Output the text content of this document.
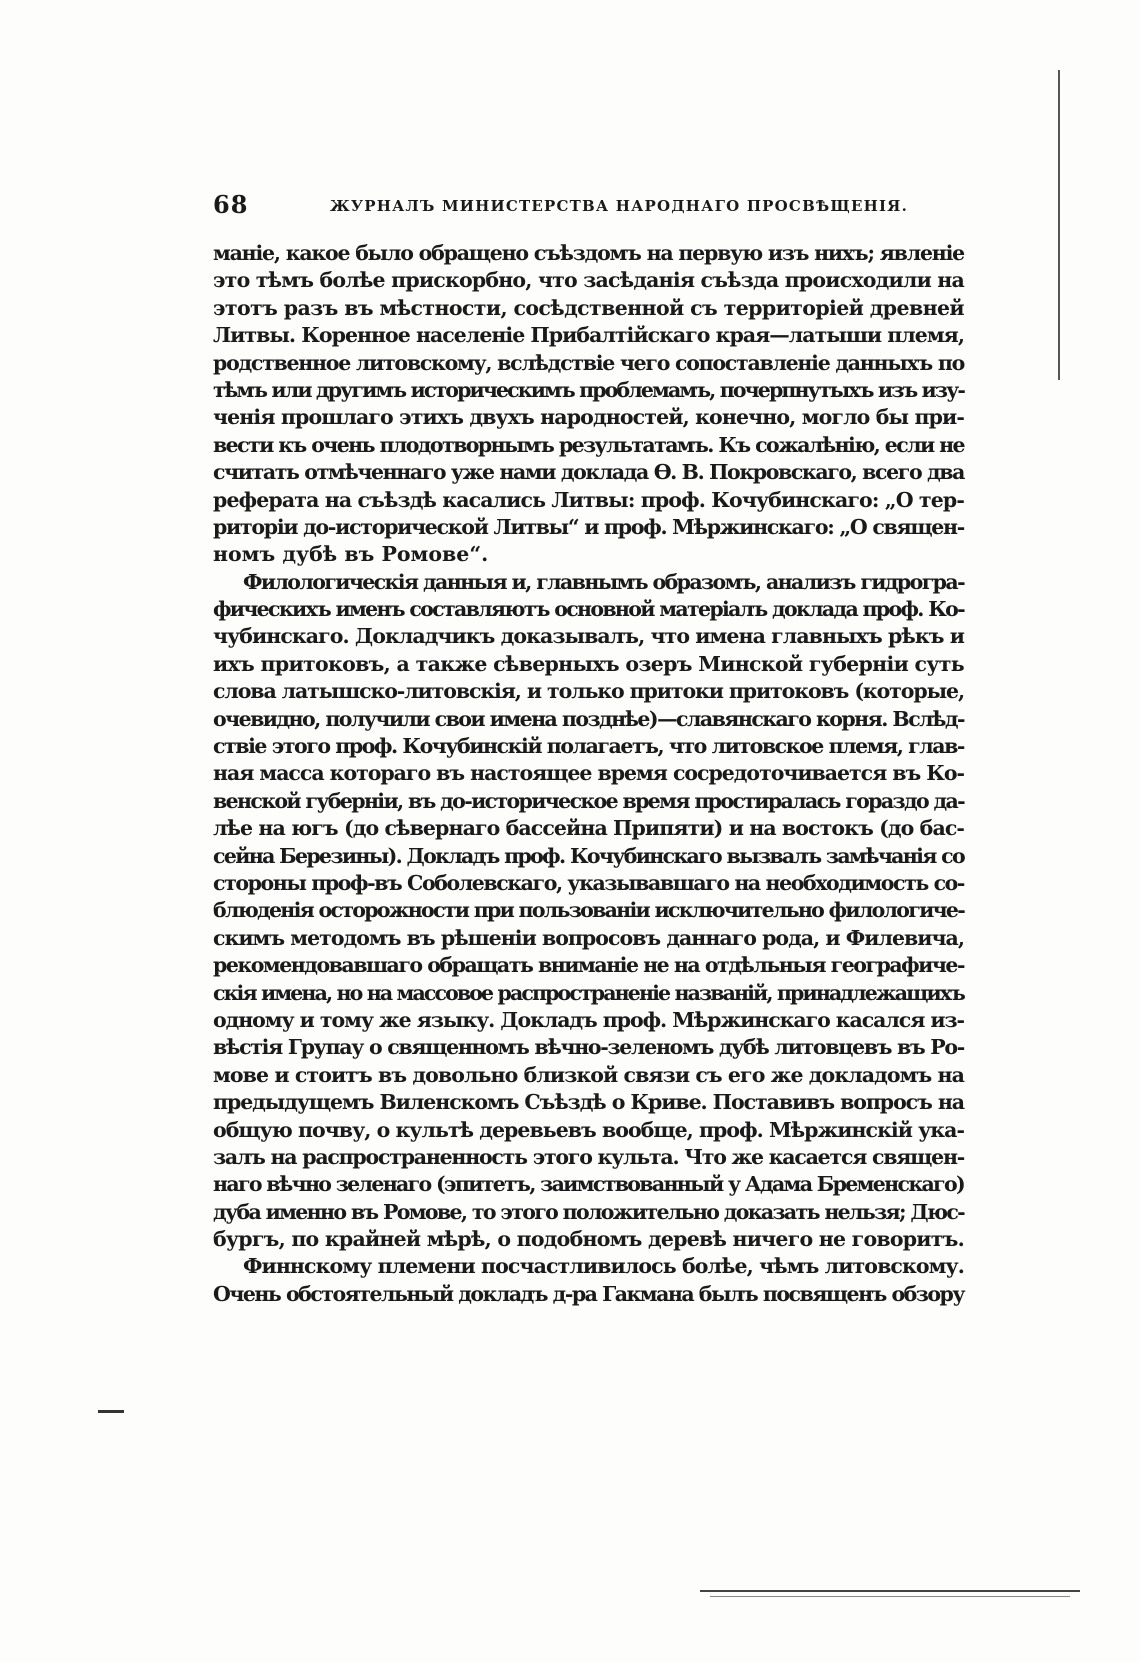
68	ЖУРНАЛЪ МИНИСТЕРСТВА НАРОДНАГО ПРОСВѢЩЕНІЯ.
маніе, какое было обращено съѣздомъ на первую изъ нихъ; явленіе
это тѣмъ болѣе прискорбно, что засѣданія съѣзда происходили на
этотъ разъ въ мѣстности, сосѣдственной съ территоріей древней
Литвы. Коренное населеніе Прибалтійскаго края—латыши племя,
родственное литовскому, вслѣдствіе чего сопоставленіе данныхъ по
тѣмъ или другимъ историческимъ проблемамъ, почерпнутыхъ изъ изу-
ченія прошлаго этихъ двухъ народностей, конечно, могло бы при-
вести къ очень плодотворнымъ результатамъ. Къ сожалѣнію, если не
считать отмѣченнаго уже нами доклада Ѳ. В. Покровскаго, всего два
реферата на съѣздѣ касались Литвы: проф. Кочубинскаго: „О тер-
риторіи до-исторической Литвы“ и проф. Мѣржинскаго: „О священ-
номъ дубѣ въ Ромове“.
Филологическія данныя и, главнымъ образомъ, анализъ гидрогра-
фическихъ именъ составляютъ основной матеріалъ доклада проф. Ко-
чубинскаго. Докладчикъ доказывалъ, что имена главныхъ рѣкъ и
ихъ притоковъ, а также сѣверныхъ озеръ Минской губерніи суть
слова латышско-литовскія, и только притоки притоковъ (которые,
очевидно, получили свои имена позднѣе)—славянскаго корня. Вслѣд-
ствіе этого проф. Кочубинскій полагаетъ, что литовское племя, глав-
ная масса котораго въ настоящее время сосредоточивается въ Ко-
венской губерніи, въ до-историческое время простиралась гораздо да-
лѣе на югъ (до сѣвернаго бассейна Припяти) и на востокъ (до бас-
сейна Березины). Докладъ проф. Кочубинскаго вызвалъ замѣчанія со
стороны проф-въ Соболевскаго, указывавшаго на необходимость со-
блюденія осторожности при пользованіи исключительно филологиче-
скимъ методомъ въ рѣшеніи вопросовъ даннаго рода, и Филевича,
рекомендовавшаго обращать вниманіе не на отдѣльныя географиче-
скія имена, но на массовое распространеніе названій, принадлежащихъ
одному и тому же языку. Докладъ проф. Мѣржинскаго касался из-
вѣстія Групау о священномъ вѣчно-зеленомъ дубѣ литовцевъ въ Ро-
мове и стоитъ въ довольно близкой связи съ его же докладомъ на
предыдущемъ Виленскомъ Съѣздѣ о Криве. Поставивъ вопросъ на
общую почву, о культѣ деревьевъ вообще, проф. Мѣржинскій ука-
залъ на распространенность этого культа. Что же касается священ-
наго вѣчно зеленаго (эпитетъ, заимствованный у Адама Бременскаго)
дуба именно въ Ромове, то этого положительно доказать нельзя; Дюс-
бургъ, по крайней мѣрѣ, о подобномъ деревѣ ничего не говоритъ.
Финнскому племени посчастливилось болѣе, чѣмъ литовскому.
Очень обстоятельный докладъ д-ра Гакмана былъ посвященъ обзору
